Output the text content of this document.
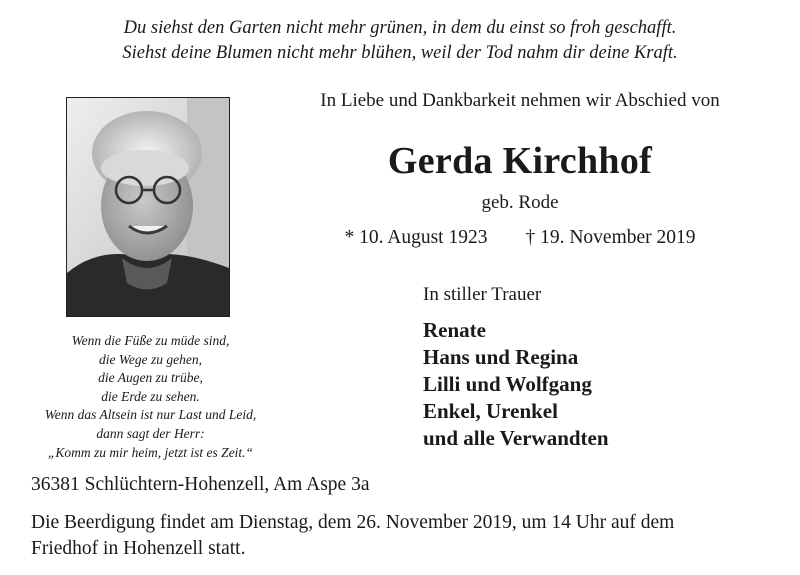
Du siehst den Garten nicht mehr grünen, in dem du einst so froh geschafft.
Siehst deine Blumen nicht mehr blühen, weil der Tod nahm dir deine Kraft.
In Liebe und Dankbarkeit nehmen wir Abschied von
Gerda Kirchhof
geb. Rode
* 10. August 1923 † 19. November 2019
In stiller Trauer
Renate
Hans und Regina
Lilli und Wolfgang
Enkel, Urenkel
und alle Verwandten
Wenn die Füße zu müde sind,
die Wege zu gehen,
die Augen zu trübe,
die Erde zu sehen.
Wenn das Altsein ist nur Last und Leid,
dann sagt der Herr:
„Komm zu mir heim, jetzt ist es Zeit.“
36381 Schlüchtern-Hohenzell, Am Aspe 3a
Die Beerdigung findet am Dienstag, dem 26. November 2019, um 14 Uhr auf dem
Friedhof in Hohenzell statt.
